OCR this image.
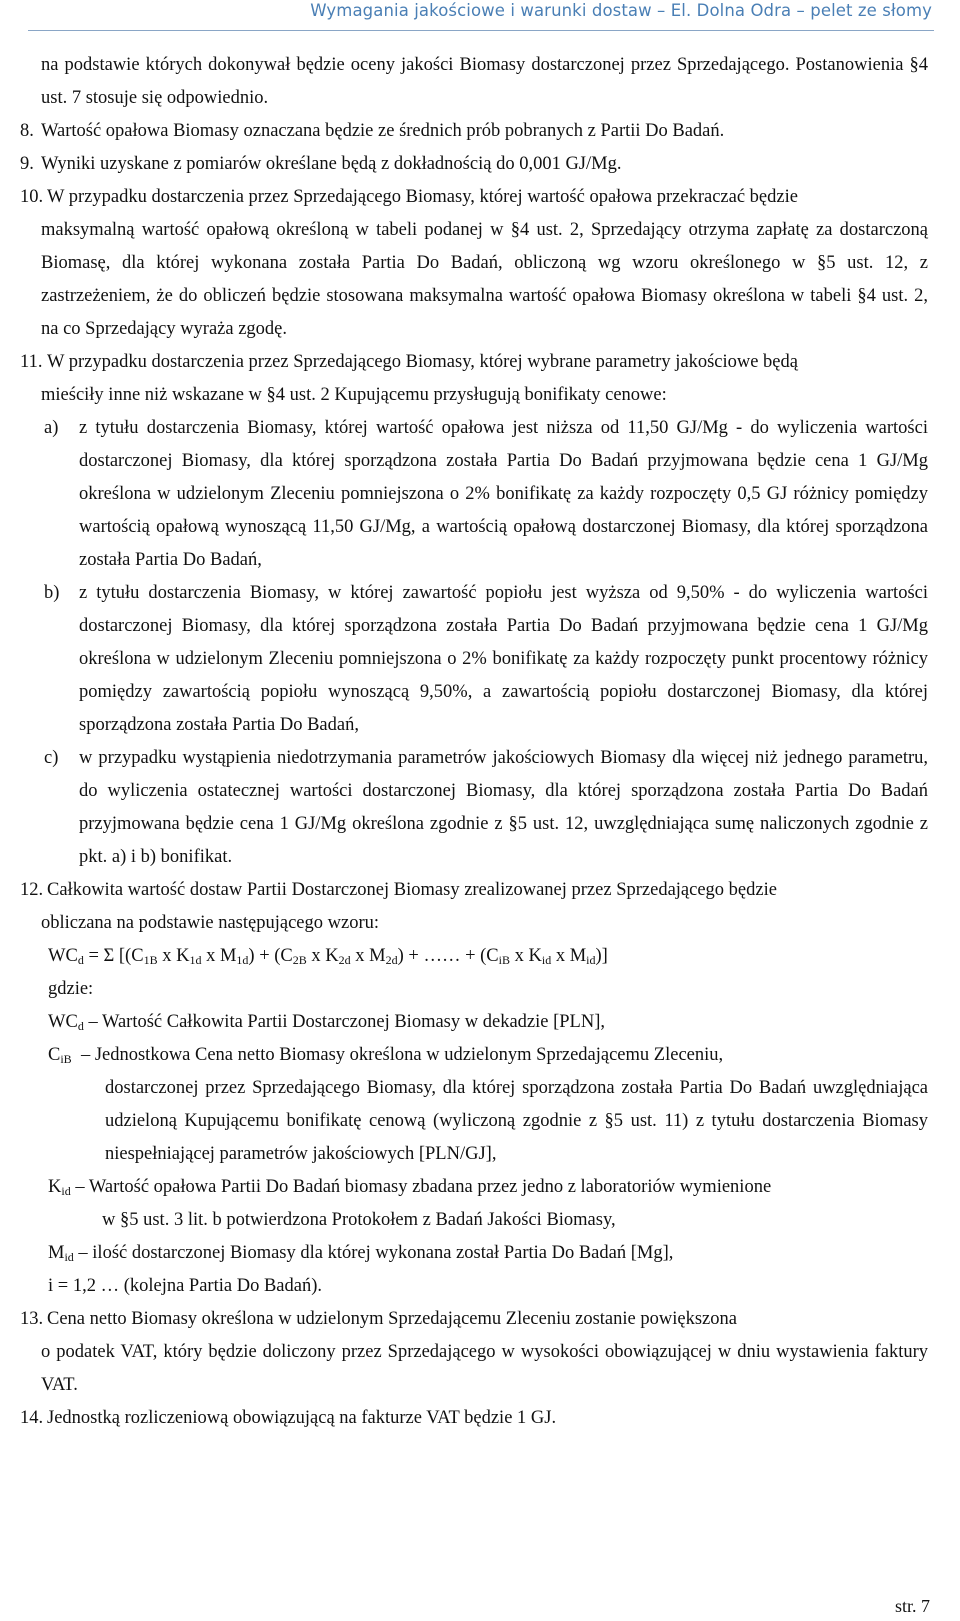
Wymagania jakościowe i warunki dostaw – El. Dolna Odra – pelet ze słomy

na podstawie których dokonywał będzie oceny jakości Biomasy dostarczonej przez Sprzedającego. Postanowienia §4 ust. 7 stosuje się odpowiednio.

8. Wartość opałowa Biomasy oznaczana będzie ze średnich prób pobranych z Partii Do Badań.
9. Wyniki uzyskane z pomiarów określane będą z dokładnością do 0,001 GJ/Mg.
10. W przypadku dostarczenia przez Sprzedającego Biomasy, której wartość opałowa przekraczać będzie

maksymalną wartość opałową określoną w tabeli podanej w §4 ust. 2, Sprzedający otrzyma zapłatę za dostarczoną Biomasę, dla której wykonana została Partia Do Badań, obliczoną wg wzoru określonego w §5 ust. 12, z zastrzeżeniem, że do obliczeń będzie stosowana maksymalna wartość opałowa Biomasy określona w tabeli §4 ust. 2, na co Sprzedający wyraża zgodę.

11. W przypadku dostarczenia przez Sprzedającego Biomasy, której wybrane parametry jakościowe będą

mieściły inne niż wskazane w §4 ust. 2 Kupującemu przysługują bonifikaty cenowe:

a)	z tytułu dostarczenia Biomasy, której wartość opałowa jest niższa od 11,50 GJ/Mg - do wyliczenia wartości dostarczonej Biomasy, dla której sporządzona została Partia Do Badań przyjmowana będzie cena 1 GJ/Mg określona w udzielonym Zleceniu pomniejszona o 2% bonifikatę za każdy rozpoczęty 0,5 GJ różnicy pomiędzy wartością opałową wynoszącą 11,50 GJ/Mg, a wartością opałową dostarczonej Biomasy, dla której sporządzona została Partia Do Badań,
b)	z tytułu dostarczenia Biomasy, w której zawartość popiołu jest wyższa od 9,50% - do wyliczenia wartości dostarczonej Biomasy, dla której sporządzona została Partia Do Badań przyjmowana będzie cena 1 GJ/Mg określona w udzielonym Zleceniu pomniejszona o 2% bonifikatę za każdy rozpoczęty punkt procentowy różnicy pomiędzy zawartością popiołu wynoszącą 9,50%, a zawartością popiołu dostarczonej Biomasy, dla której sporządzona została Partia Do Badań,
c)	w przypadku wystąpienia niedotrzymania parametrów jakościowych Biomasy dla więcej niż jednego parametru, do wyliczenia ostatecznej wartości dostarczonej Biomasy, dla której sporządzona została Partia Do Badań przyjmowana będzie cena 1 GJ/Mg określona zgodnie z §5 ust. 12, uwzględniająca sumę naliczonych zgodnie z pkt. a) i b) bonifikat.
12. Całkowita wartość dostaw Partii Dostarczonej Biomasy zrealizowanej przez Sprzedającego będzie

obliczana na podstawie następującego wzoru:

$WC_d = \Sigma$ [($C_{1B}$ x $K_{1d}$ x $M_{1d}) + (C_{2B}$ x $K_{2d}$ x $M_{2d}$) + …… + ($C_{iB}$ x $K_{id}$ x $M_{id}$)]
gdzie:
$WC_d$ – Wartość Całkowita Partii Dostarczonej Biomasy w dekadzie [PLN],
$C_{iB}$ – Jednostkowa Cena netto Biomasy określona w udzielonym Sprzedającemu Zleceniu,

dostarczonej przez Sprzedającego Biomasy, dla której sporządzona została Partia Do Badań uwzględniająca udzieloną Kupującemu bonifikatę cenową (wyliczoną zgodnie z §5 ust. 11) z tytułu dostarczenia Biomasy niespełniającej parametrów jakościowych [PLN/GJ],

$K_{id}$ – Wartość opałowa Partii Do Badań biomasy zbadana przez jedno z laboratoriów wymienione

w §5 ust. 3 lit. b potwierdzona Protokołem z Badań Jakości Biomasy,

$M_{id}$ – ilość dostarczonej Biomasy dla której wykonana został Partia Do Badań [Mg],
i = 1,2 … (kolejna Partia Do Badań).
13. Cena netto Biomasy określona w udzielonym Sprzedającemu Zleceniu zostanie powiększona

o podatek VAT, który będzie doliczony przez Sprzedającego w wysokości obowiązującej w dniu wystawienia faktury VAT.

14. Jednostką rozliczeniową obowiązującą na fakturze VAT będzie 1 GJ.
str. 7
